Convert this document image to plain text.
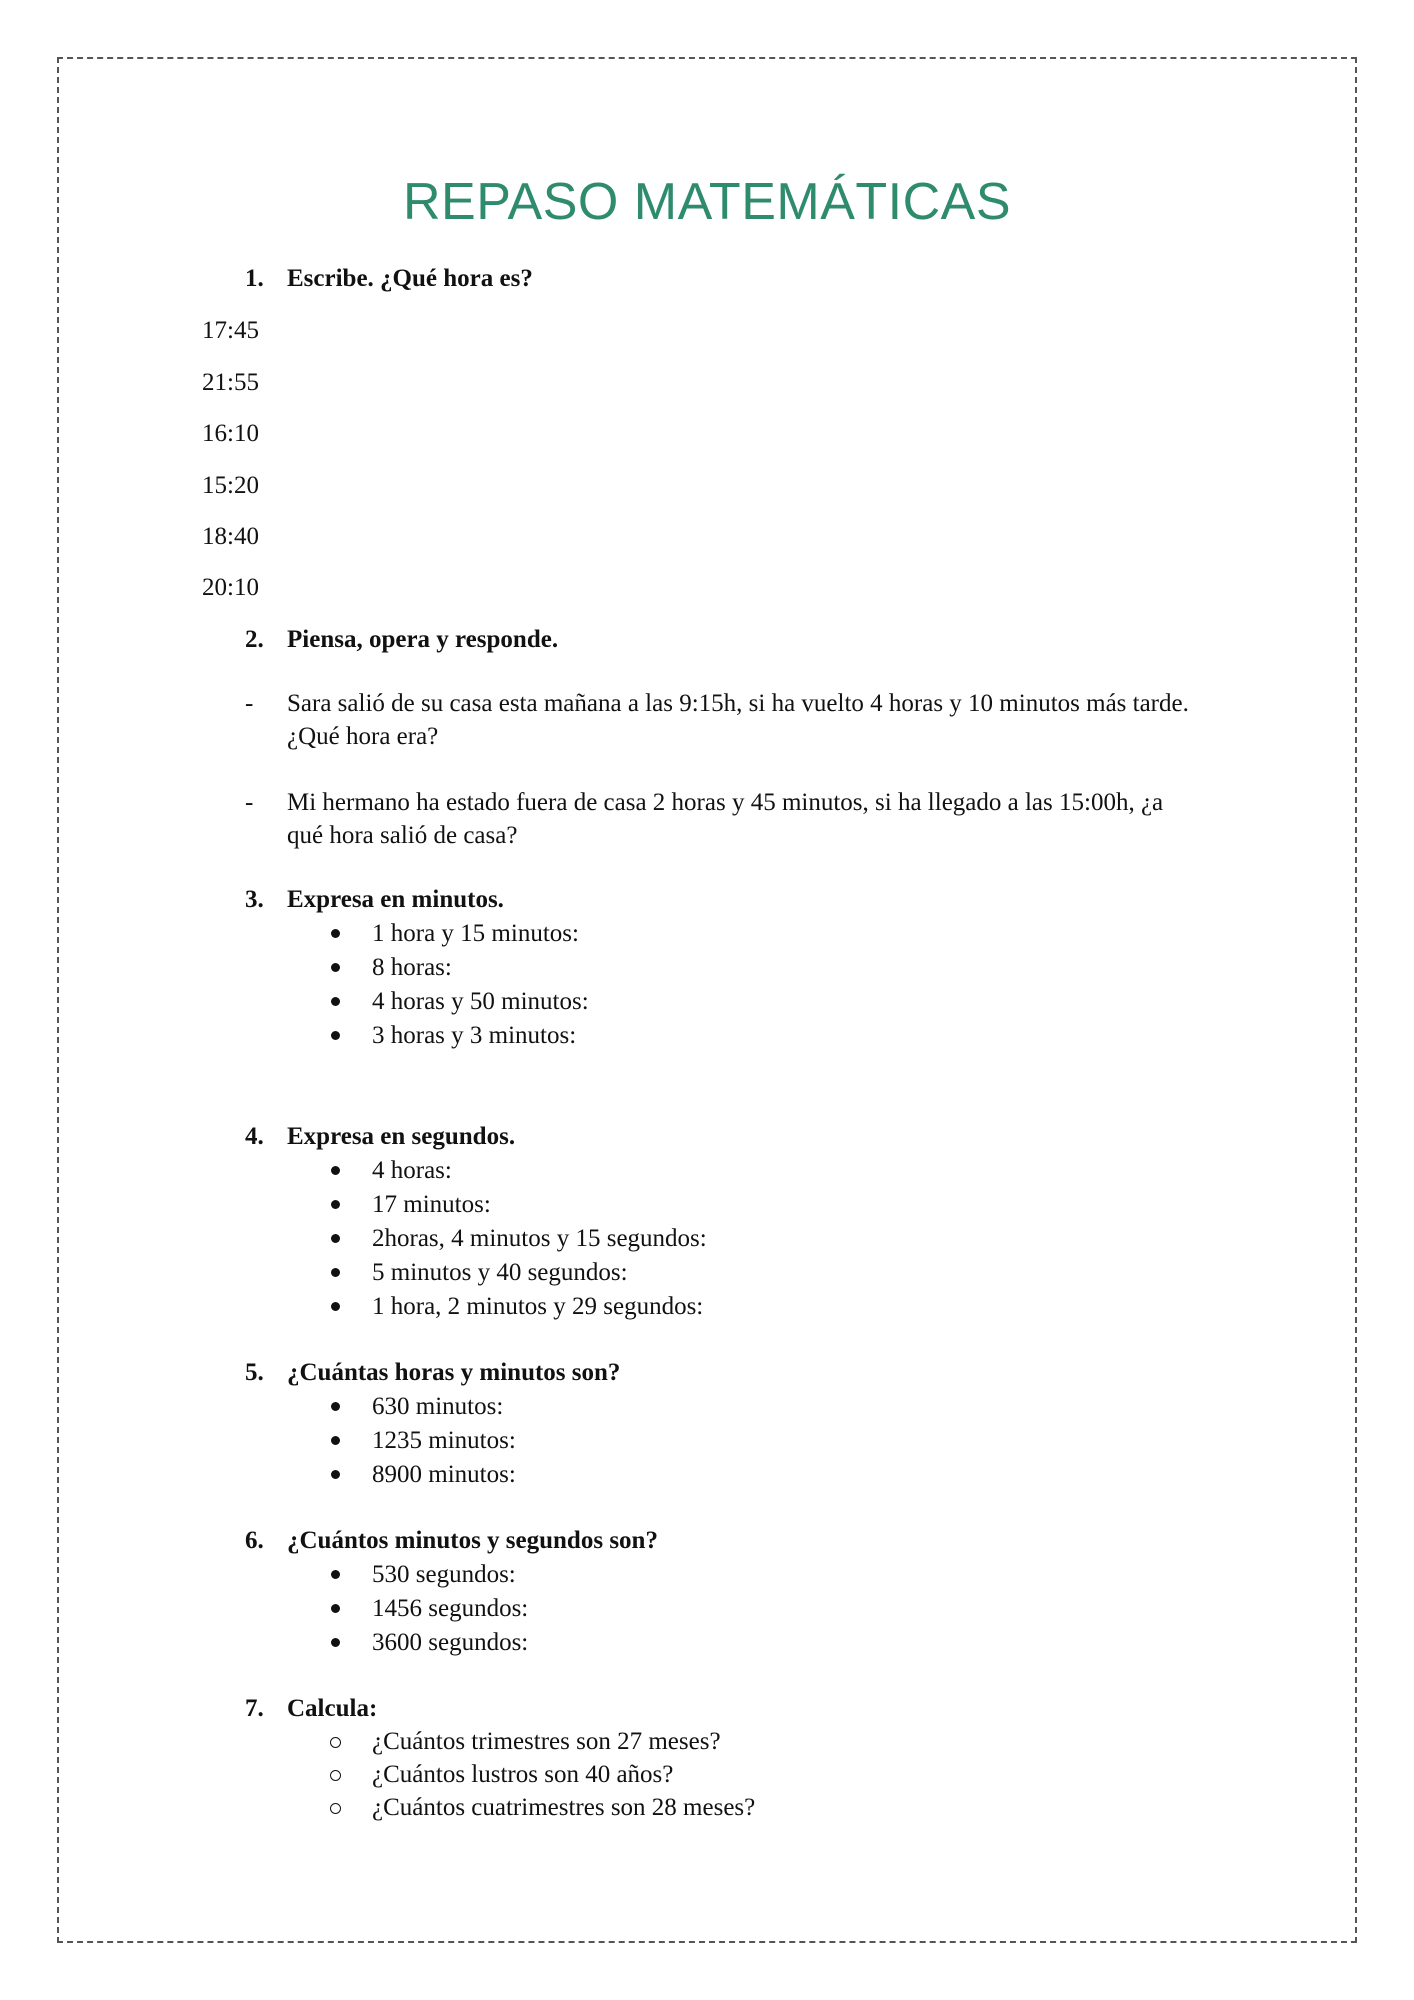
REPASO MATEMÁTICAS
1. Escribe. ¿Qué hora es?
17:45
21:55
16:10
15:20
18:40
20:10
2. Piensa, opera y responde.
- Sara salió de su casa esta mañana a las 9:15h, si ha vuelto 4 horas y 10 minutos más tarde.
¿Qué hora era?
- Mi hermano ha estado fuera de casa 2 horas y 45 minutos, si ha llegado a las 15:00h, ¿a
qué hora salió de casa?
3. Expresa en minutos.
1 hora y 15 minutos:
8 horas:
4 horas y 50 minutos:
3 horas y 3 minutos:
4. Expresa en segundos.
4 horas:
17 minutos:
2horas, 4 minutos y 15 segundos:
5 minutos y 40 segundos:
1 hora, 2 minutos y 29 segundos:
5. ¿Cuántas horas y minutos son?
630 minutos:
1235 minutos:
8900 minutos:
6. ¿Cuántos minutos y segundos son?
530 segundos:
1456 segundos:
3600 segundos:
7. Calcula:
¿Cuántos trimestres son 27 meses?
¿Cuántos lustros son 40 años?
¿Cuántos cuatrimestres son 28 meses?
